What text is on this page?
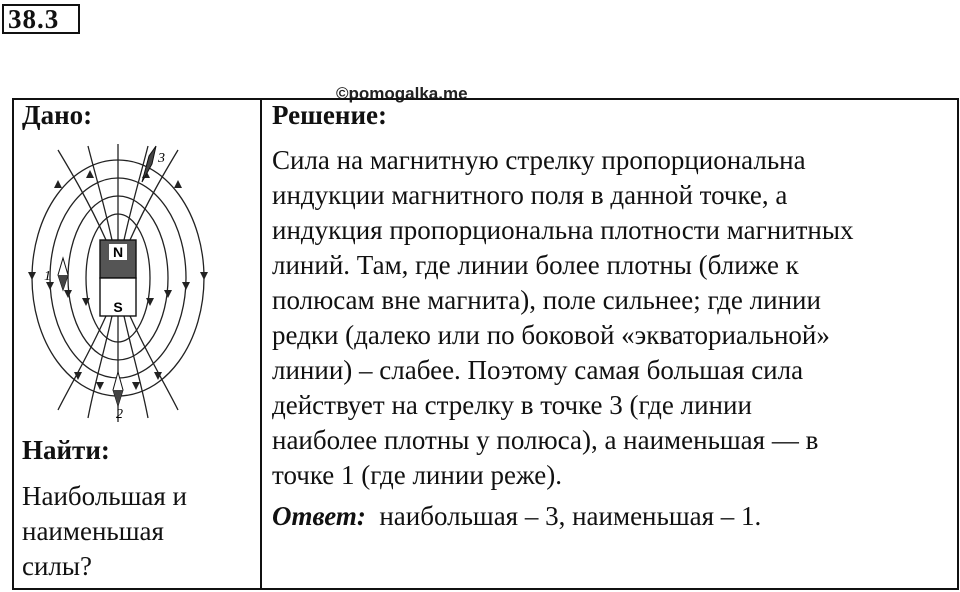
38.3
©pomogalka.me
Дано:
N
S
1
2
3
Найти:
Наибольшая и
наименьшая
силы?
Решение:
Сила на магнитную стрелку пропорциональна
индукции магнитного поля в данной точке, а
индукция пропорциональна плотности магнитных
линий. Там, где линии более плотны (ближе к
полюсам вне магнита), поле сильнее; где линии
редки (далеко или по боковой «экваториальной»
линии) – слабее. Поэтому самая большая сила
действует на стрелку в точке 3 (где линии
наиболее плотны у полюса), а наименьшая — в
точке 1 (где линии реже).
Ответ: наибольшая – 3, наименьшая – 1.
